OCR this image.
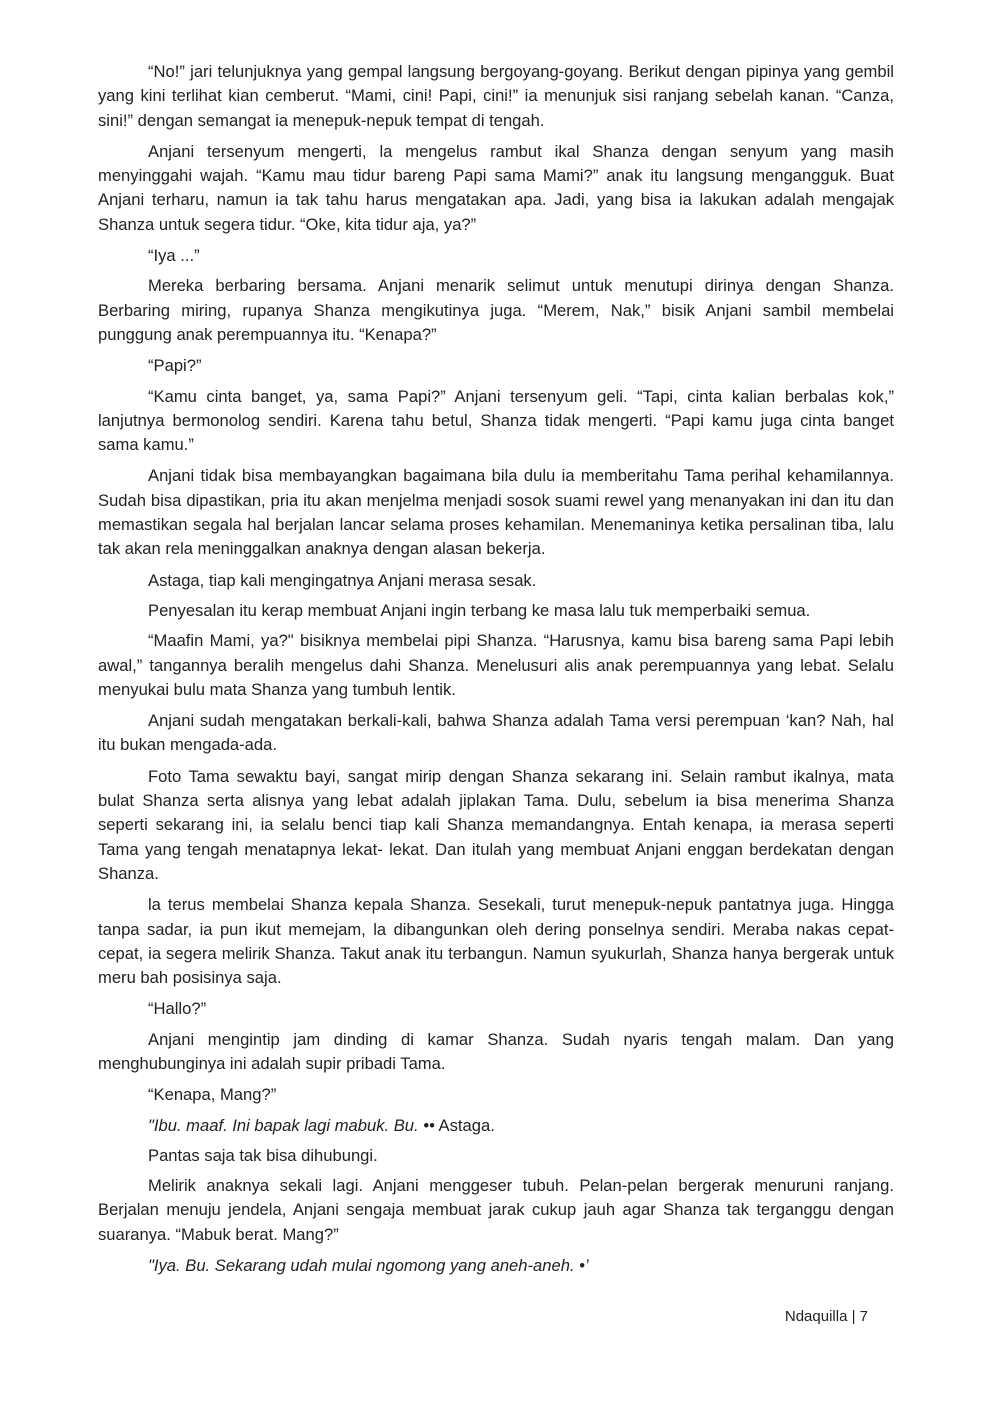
“No!” jari telunjuknya yang gempal langsung bergoyang-goyang. Berikut dengan pipinya yang gembil yang kini terlihat kian cemberut. “Mami, cini! Papi, cini!” ia menunjuk sisi ranjang sebelah kanan. “Canza, sini!” dengan semangat ia menepuk-nepuk tempat di tengah.

Anjani tersenyum mengerti, la mengelus rambut ikal Shanza dengan senyum yang masih menyinggahi wajah. “Kamu mau tidur bareng Papi sama Mami?” anak itu langsung mengangguk. Buat Anjani terharu, namun ia tak tahu harus mengatakan apa. Jadi, yang bisa ia lakukan adalah mengajak Shanza untuk segera tidur. “Oke, kita tidur aja, ya?”

“Iya ...”

Mereka berbaring bersama. Anjani menarik selimut untuk menutupi dirinya dengan Shanza. Berbaring miring, rupanya Shanza mengikutinya juga. “Merem, Nak,” bisik Anjani sambil membelai punggung anak perempuannya itu. “Kenapa?”

“Papi?”

“Kamu cinta banget, ya, sama Papi?” Anjani tersenyum geli. “Tapi, cinta kalian berbalas kok,” lanjutnya bermonolog sendiri. Karena tahu betul, Shanza tidak mengerti. “Papi kamu juga cinta banget sama kamu.”

Anjani tidak bisa membayangkan bagaimana bila dulu ia memberitahu Tama perihal kehamilannya. Sudah bisa dipastikan, pria itu akan menjelma menjadi sosok suami rewel yang menanyakan ini dan itu dan memastikan segala hal berjalan lancar selama proses kehamilan. Menemaninya ketika persalinan tiba, lalu tak akan rela meninggalkan anaknya dengan alasan bekerja.

Astaga, tiap kali mengingatnya Anjani merasa sesak.

Penyesalan itu kerap membuat Anjani ingin terbang ke masa lalu tuk memperbaiki semua.

“Maafin Mami, ya?" bisiknya membelai pipi Shanza. “Harusnya, kamu bisa bareng sama Papi lebih awal,” tangannya beralih mengelus dahi Shanza. Menelusuri alis anak perempuannya yang lebat. Selalu menyukai bulu mata Shanza yang tumbuh lentik.

Anjani sudah mengatakan berkali-kali, bahwa Shanza adalah Tama versi perempuan ‘kan? Nah, hal itu bukan mengada-ada.

Foto Tama sewaktu bayi, sangat mirip dengan Shanza sekarang ini. Selain rambut ikalnya, mata bulat Shanza serta alisnya yang lebat adalah jiplakan Tama. Dulu, sebelum ia bisa menerima Shanza seperti sekarang ini, ia selalu benci tiap kali Shanza memandangnya. Entah kenapa, ia merasa seperti Tama yang tengah menatapnya lekat- lekat. Dan itulah yang membuat Anjani enggan berdekatan dengan Shanza.

la terus membelai Shanza kepala Shanza. Sesekali, turut menepuk-nepuk pantatnya juga. Hingga tanpa sadar, ia pun ikut memejam, la dibangunkan oleh dering ponselnya sendiri. Meraba nakas cepat-cepat, ia segera melirik Shanza. Takut anak itu terbangun. Namun syukurlah, Shanza hanya bergerak untuk meru bah posisinya saja.

“Hallo?”

Anjani mengintip jam dinding di kamar Shanza. Sudah nyaris tengah malam. Dan yang menghubunginya ini adalah supir pribadi Tama.

“Kenapa, Mang?”

"Ibu. maaf. Ini bapak lagi mabuk. Bu. •• Astaga.

Pantas saja tak bisa dihubungi.

Melirik anaknya sekali lagi. Anjani menggeser tubuh. Pelan-pelan bergerak menuruni ranjang. Berjalan menuju jendela, Anjani sengaja membuat jarak cukup jauh agar Shanza tak terganggu dengan suaranya. “Mabuk berat. Mang?”

"Iya. Bu. Sekarang udah mulai ngomong yang aneh-aneh. •’

Ndaquilla | 7
